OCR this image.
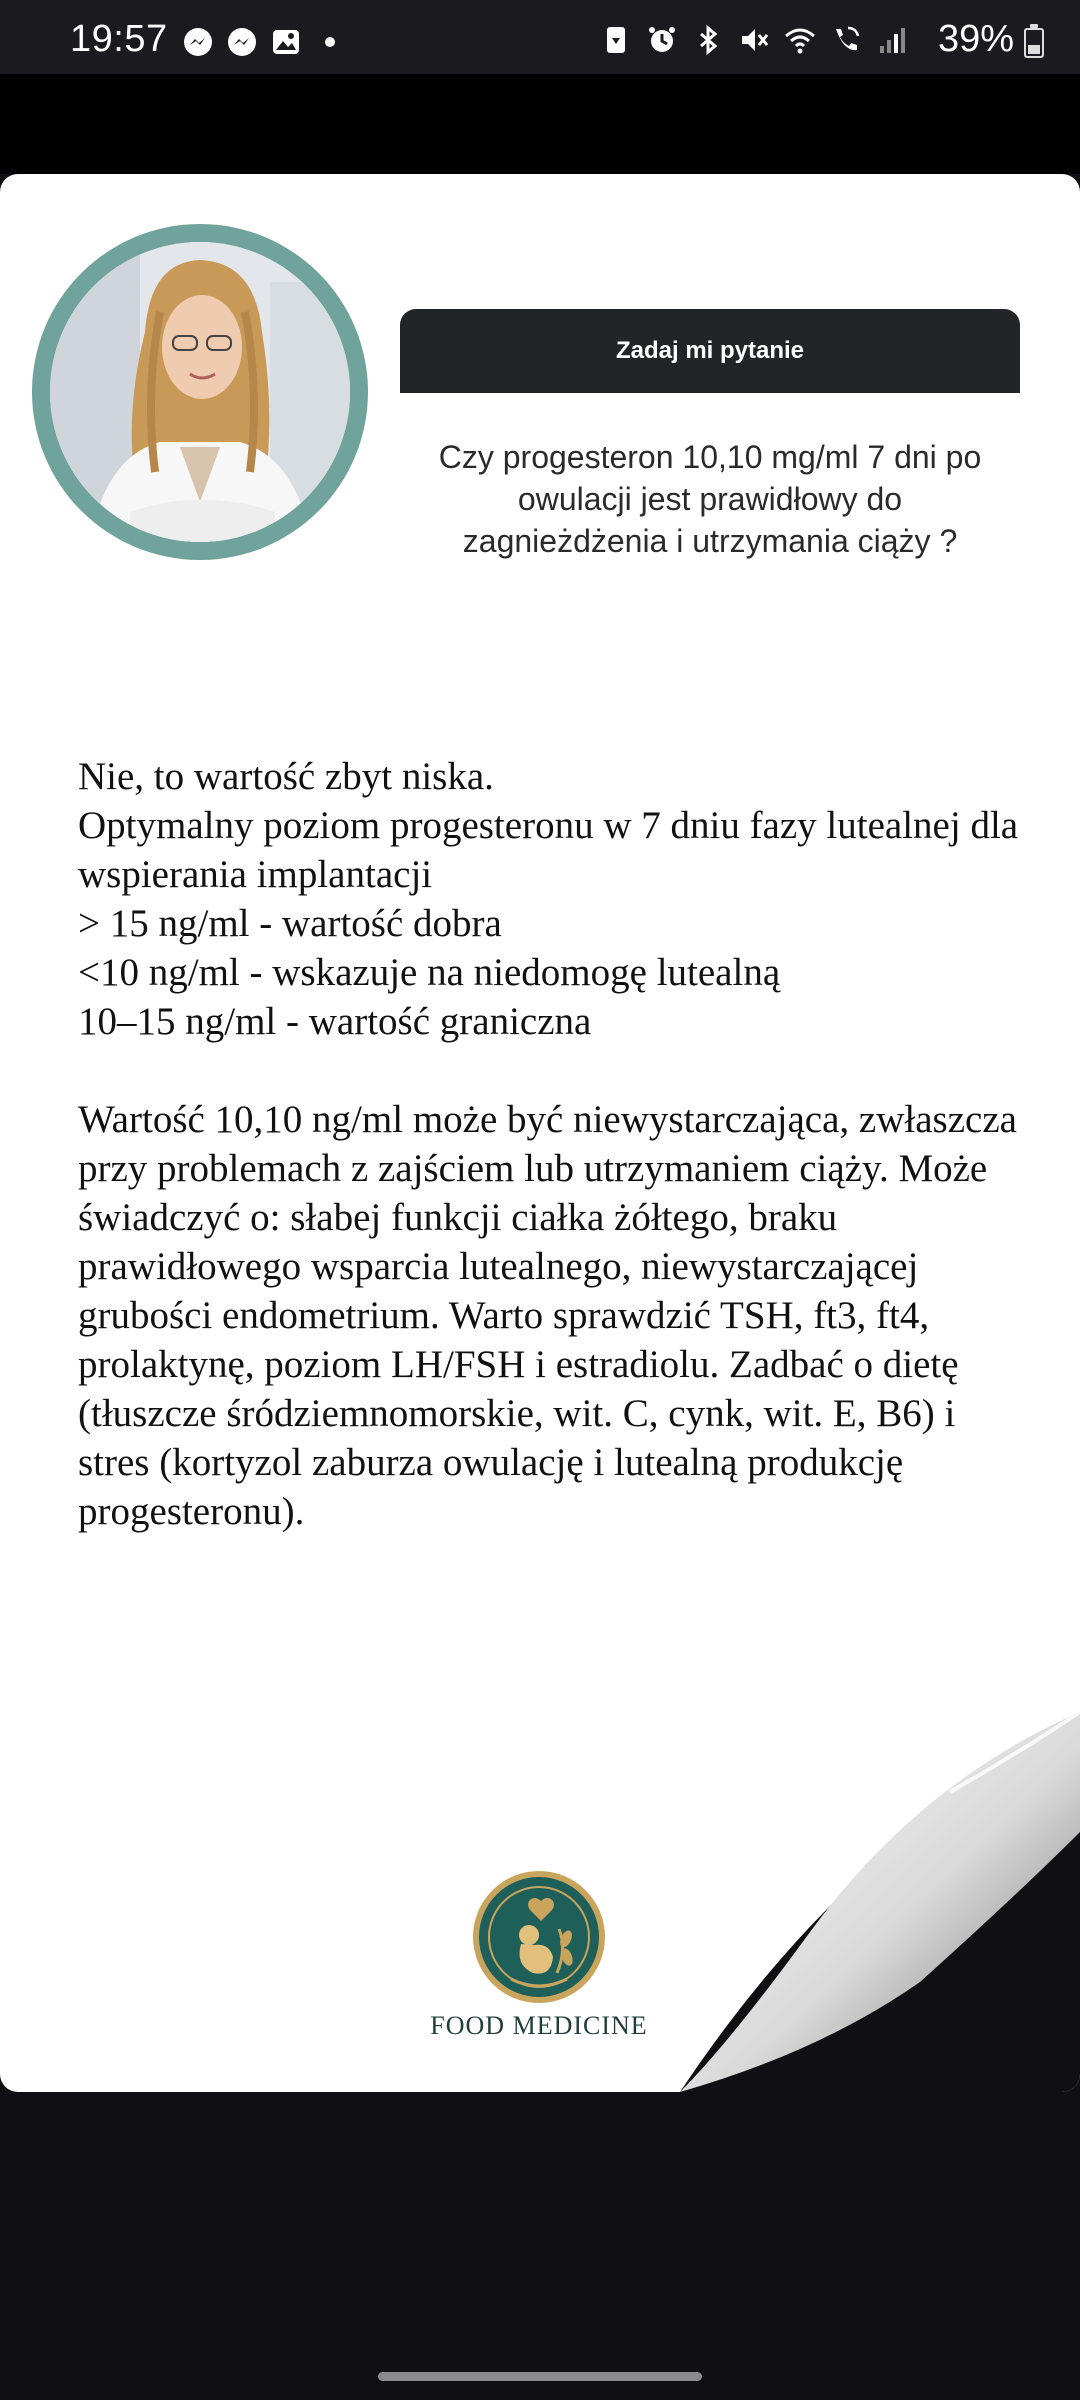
19:57	39%
Zadaj mi pytanie
Czy progesteron 10,10 mg/ml 7 dni po owulacji jest prawidłowy do zagnieżdżenia i utrzymania ciąży ?

Nie, to wartość zbyt niska.

Optymalny poziom progesteronu w 7 dniu fazy lutealnej dla wspierania implantacji

> 15 ng/ml - wartość dobra

<10 ng/ml - wskazuje na niedomogę lutealną

10–15 ng/ml - wartość graniczna

Wartość 10,10 ng/ml może być niewystarczająca, zwłaszcza przy problemach z zajściem lub utrzymaniem ciąży. Może świadczyć o: słabej funkcji ciałka żółtego, braku prawidłowego wsparcia lutealnego, niewystarczającej grubości endometrium. Warto sprawdzić TSH, ft3, ft4, prolaktynę, poziom LH/FSH i estradiolu. Zadbać o dietę (tłuszcze śródziemnomorskie, wit. C, cynk, wit. E, B6) i stres (kortyzol zaburza owulację i lutealną produkcję progesteronu).

FOOD MEDICINE
